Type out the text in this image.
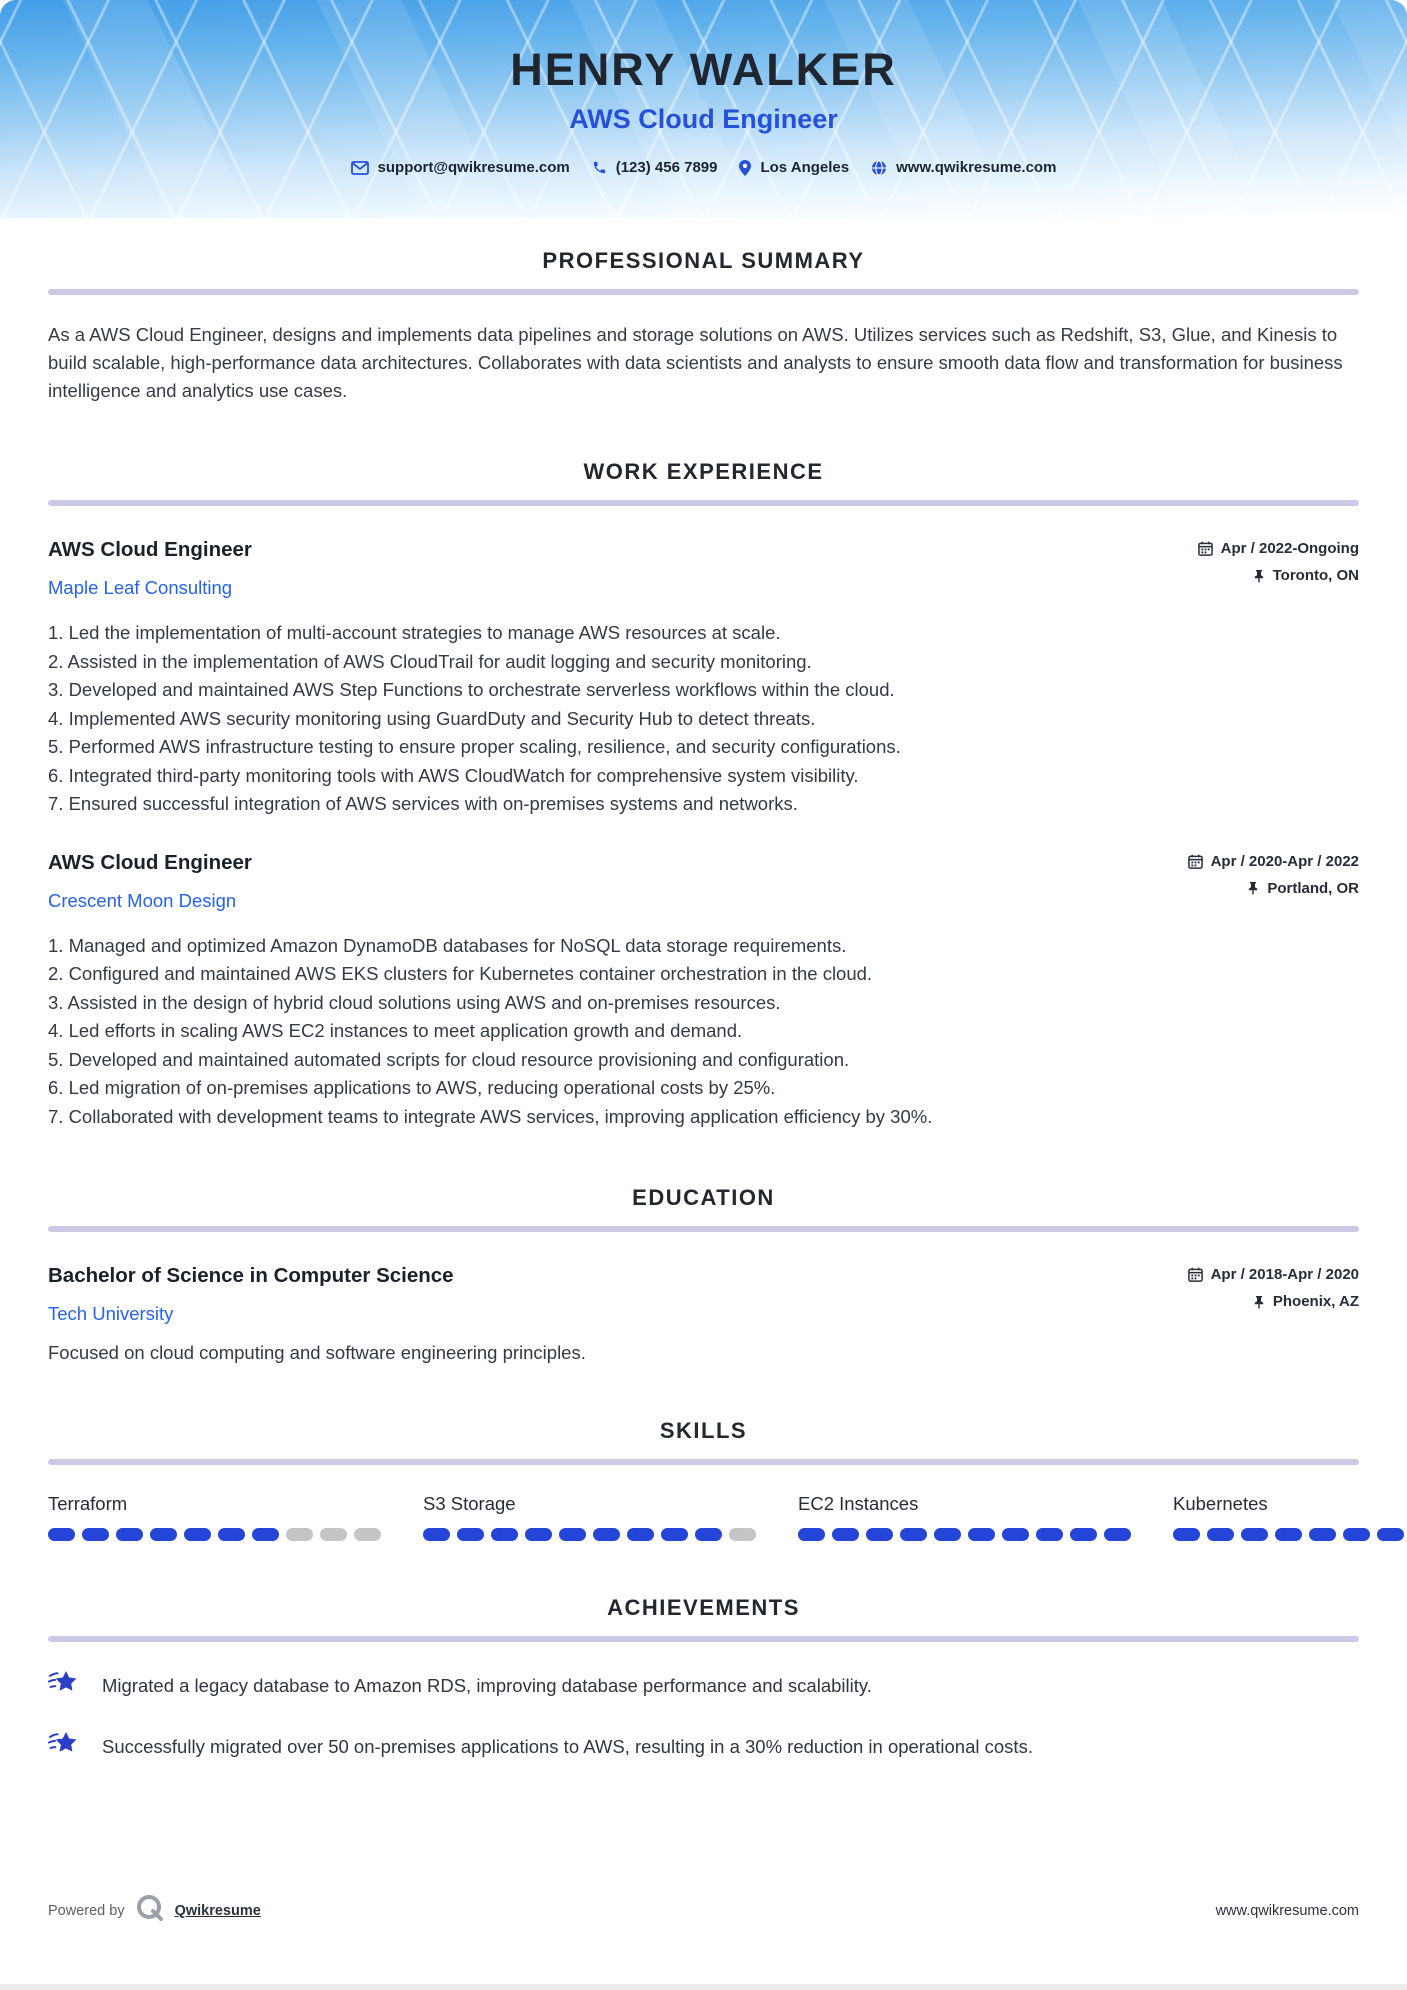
HENRY WALKER
AWS Cloud Engineer
support@qwikresume.com	(123) 456 7899	Los Angeles	www.qwikresume.com
PROFESSIONAL SUMMARY

As a AWS Cloud Engineer, designs and implements data pipelines and storage solutions on AWS. Utilizes services such as Redshift, S3, Glue, and Kinesis to build scalable, high-performance data architectures. Collaborates with data scientists and analysts to ensure smooth data flow and transformation for business intelligence and analytics use cases.

WORK EXPERIENCE
AWS Cloud Engineer
Maple Leaf Consulting
Apr / 2022-Ongoing
Toronto, ON
1. Led the implementation of multi-account strategies to manage AWS resources at scale.
2. Assisted in the implementation of AWS CloudTrail for audit logging and security monitoring.
3. Developed and maintained AWS Step Functions to orchestrate serverless workflows within the cloud.
4. Implemented AWS security monitoring using GuardDuty and Security Hub to detect threats.
5. Performed AWS infrastructure testing to ensure proper scaling, resilience, and security configurations.
6. Integrated third-party monitoring tools with AWS CloudWatch for comprehensive system visibility.
7. Ensured successful integration of AWS services with on-premises systems and networks.
AWS Cloud Engineer
Crescent Moon Design
Apr / 2020-Apr / 2022
Portland, OR
1. Managed and optimized Amazon DynamoDB databases for NoSQL data storage requirements.
2. Configured and maintained AWS EKS clusters for Kubernetes container orchestration in the cloud.
3. Assisted in the design of hybrid cloud solutions using AWS and on-premises resources.
4. Led efforts in scaling AWS EC2 instances to meet application growth and demand.
5. Developed and maintained automated scripts for cloud resource provisioning and configuration.
6. Led migration of on-premises applications to AWS, reducing operational costs by 25%.
7. Collaborated with development teams to integrate AWS services, improving application efficiency by 30%.
EDUCATION
Bachelor of Science in Computer Science
Tech University
Apr / 2018-Apr / 2020
Phoenix, AZ

Focused on cloud computing and software engineering principles.

SKILLS
Terraform	S3 Storage	EC2 Instances	Kubernetes
ACHIEVEMENTS
Migrated a legacy database to Amazon RDS, improving database performance and scalability.
Successfully migrated over 50 on-premises applications to AWS, resulting in a 30% reduction in operational costs.
Powered by	Qwikresume	www.qwikresume.com
